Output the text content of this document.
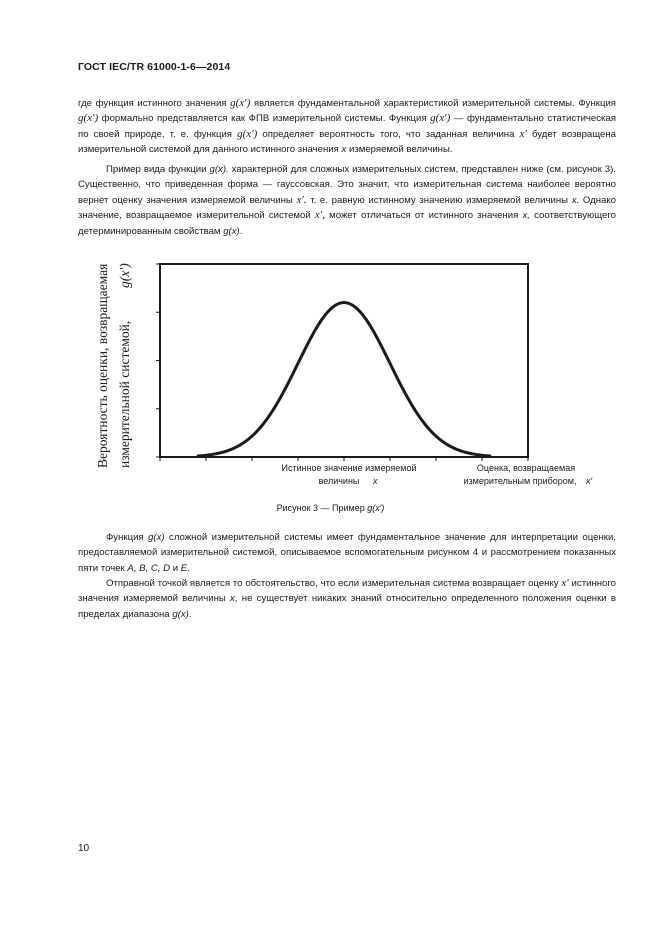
ГОСТ IEC/TR 61000-1-6—2014

где функция истинного значения g(x′) является фундаментальной характеристикой измерительной системы. Функция g(x′) формально представляется как ФПВ измерительной системы. Функция g(x′) — фундаментально статистическая по своей природе, т. е. функция g(x′) определяет вероятность того, что заданная величина x′ будет возвращена измерительной системой для данного истинного значения x измеряемой величины.

Пример вида функции g(x). характерной для сложных измерительных систем, представлен ниже (см. рисунок 3). Существенно, что приведенная форма — гауссовская. Это значит, что измерительная система наиболее вероятно вернет оценку значения измеряемой величины x′. т. е. равную истинному значению измеряемой величины x. Однако значение, возвращаемое измерительной системой x′, может отличаться от истинного значения x, соответствующего детерминированным свойствам g(x).

Вероятность оценки, возвращаемая измерительной системой,
g(x′)
Истинное значение измеряемой
величины x
Оценка, возвращаемая
измерительным прибором, x′
Рисунок 3 — Пример g(x′)

Функция g(x) сложной измерительной системы имеет фундаментальное значение для интерпретации оценки, предоставляемой измерительной системой, описываемое вспомогательным рисунком 4 и рассмотрением показанных пяти точек A, B, C, D и E.

Отправной точкой является то обстоятельство, что если измерительная система возвращает оценку x′ истинного значения измеряемой величины x, не существует никаких знаний относительно определенного положения оценки в пределах диапазона g(x).

10
